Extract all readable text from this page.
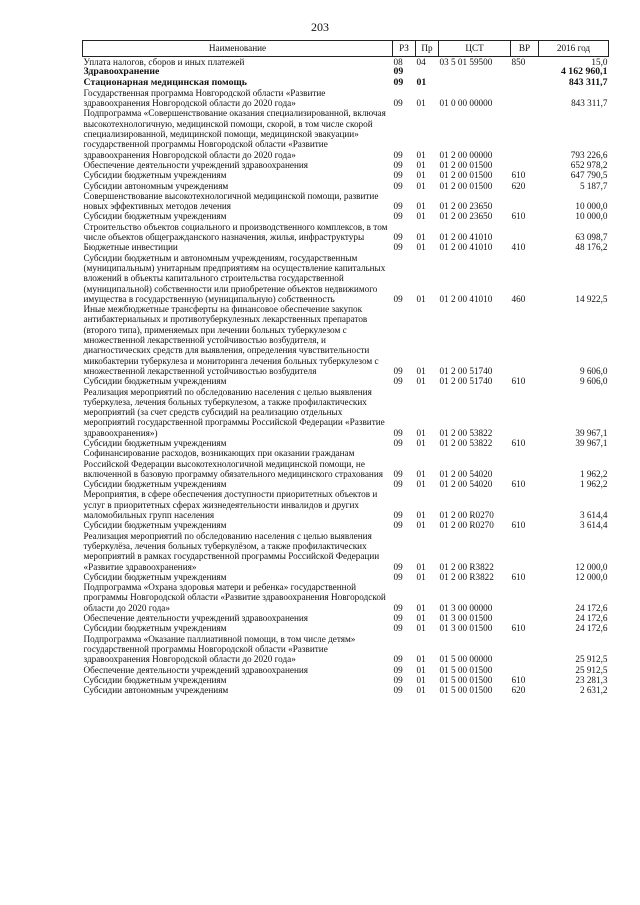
203
Наименование	РЗ	Пр	ЦСТ	ВР	2016 год
Уплата налогов, сборов и иных платежей	08	04	03 5 01 59500	850	15,0
Здравоохранение	09				4 162 960,1
Стационарная медицинская помощь	09	01			843 311,7
Государственная программа Новгородской области «Развитие здравоохранения Новгородской области до 2020 года»	09	01	01 0 00 00000		843 311,7
Подпрограмма «Совершенствование оказания специализированной, включая высокотехнологичную, медицинской помощи, скорой, в том числе скорой специализированной, медицинской помощи, медицинской эвакуации» государственной программы Новгородской области «Развитие здравоохранения Новгородской области до 2020 года»	09	01	01 2 00 00000		793 226,6
Обеспечение деятельности учреждений здравоохранения	09	01	01 2 00 01500		652 978,2
Субсидии бюджетным учреждениям	09	01	01 2 00 01500	610	647 790,5
Субсидии автономным учреждениям	09	01	01 2 00 01500	620	5 187,7
Совершенствование высокотехнологичной медицинской помощи, развитие новых эффективных методов лечения	09	01	01 2 00 23650		10 000,0
Субсидии бюджетным учреждениям	09	01	01 2 00 23650	610	10 000,0
Строительство объектов социального и производственного комплексов, в том числе объектов общегражданского назначения, жилья, инфраструктуры	09	01	01 2 00 41010		63 098,7
Бюджетные инвестиции	09	01	01 2 00 41010	410	48 176,2
Субсидии бюджетным и автономным учреждениям, государственным (муниципальным) унитарным предприятиям на осуществление капитальных вложений в объекты капитального строительства государственной (муниципальной) собственности или приобретение объектов недвижимого имущества в государственную (муниципальную) собственность	09	01	01 2 00 41010	460	14 922,5
Иные межбюджетные трансферты на финансовое обеспечение закупок антибактериальных и противотуберкулезных лекарственных препаратов (второго типа), применяемых при лечении больных туберкулезом с множественной лекарственной устойчивостью возбудителя, и диагностических средств для выявления, определения чувствительности микобактерии туберкулеза и мониторинга лечения больных туберкулезом с множественной лекарственной устойчивостью возбудителя	09	01	01 2 00 51740		9 606,0
Субсидии бюджетным учреждениям	09	01	01 2 00 51740	610	9 606,0
Реализация мероприятий по обследованию населения с целью выявления туберкулеза, лечения больных туберкулезом, а также профилактических мероприятий (за счет средств субсидий на реализацию отдельных мероприятий государственной программы Российской Федерации «Развитие здравоохранения»)	09	01	01 2 00 53822		39 967,1
Субсидии бюджетным учреждениям	09	01	01 2 00 53822	610	39 967,1
Софинансирование расходов, возникающих при оказании гражданам Российской Федерации высокотехнологичной медицинской помощи, не включенной в базовую программу обязательного медицинского страхования	09	01	01 2 00 54020		1 962,2
Субсидии бюджетным учреждениям	09	01	01 2 00 54020	610	1 962,2
Мероприятия, в сфере обеспечения доступности приоритетных объектов и услуг в приоритетных сферах жизнедеятельности инвалидов и других маломобильных групп населения	09	01	01 2 00 R0270		3 614,4
Субсидии бюджетным учреждениям	09	01	01 2 00 R0270	610	3 614,4
Реализация мероприятий по обследованию населения с целью выявления туберкулёза, лечения больных туберкулёзом, а также профилактических мероприятий в рамках государственной программы Российской Федерации «Развитие здравоохранения»	09	01	01 2 00 R3822		12 000,0
Субсидии бюджетным учреждениям	09	01	01 2 00 R3822	610	12 000,0
Подпрограмма «Охрана здоровья матери и ребенка» государственной программы Новгородской области «Развитие здравоохранения Новгородской области до 2020 года»	09	01	01 3 00 00000		24 172,6
Обеспечение деятельности учреждений здравоохранения	09	01	01 3 00 01500		24 172,6
Субсидии бюджетным учреждениям	09	01	01 3 00 01500	610	24 172,6
Подпрограмма «Оказание паллиативной помощи, в том числе детям» государственной программы Новгородской области «Развитие здравоохранения Новгородской области до 2020 года»	09	01	01 5 00 00000		25 912,5
Обеспечение деятельности учреждений здравоохранения	09	01	01 5 00 01500		25 912,5
Субсидии бюджетным учреждениям	09	01	01 5 00 01500	610	23 281,3
Субсидии автономным учреждениям	09	01	01 5 00 01500	620	2 631,2
